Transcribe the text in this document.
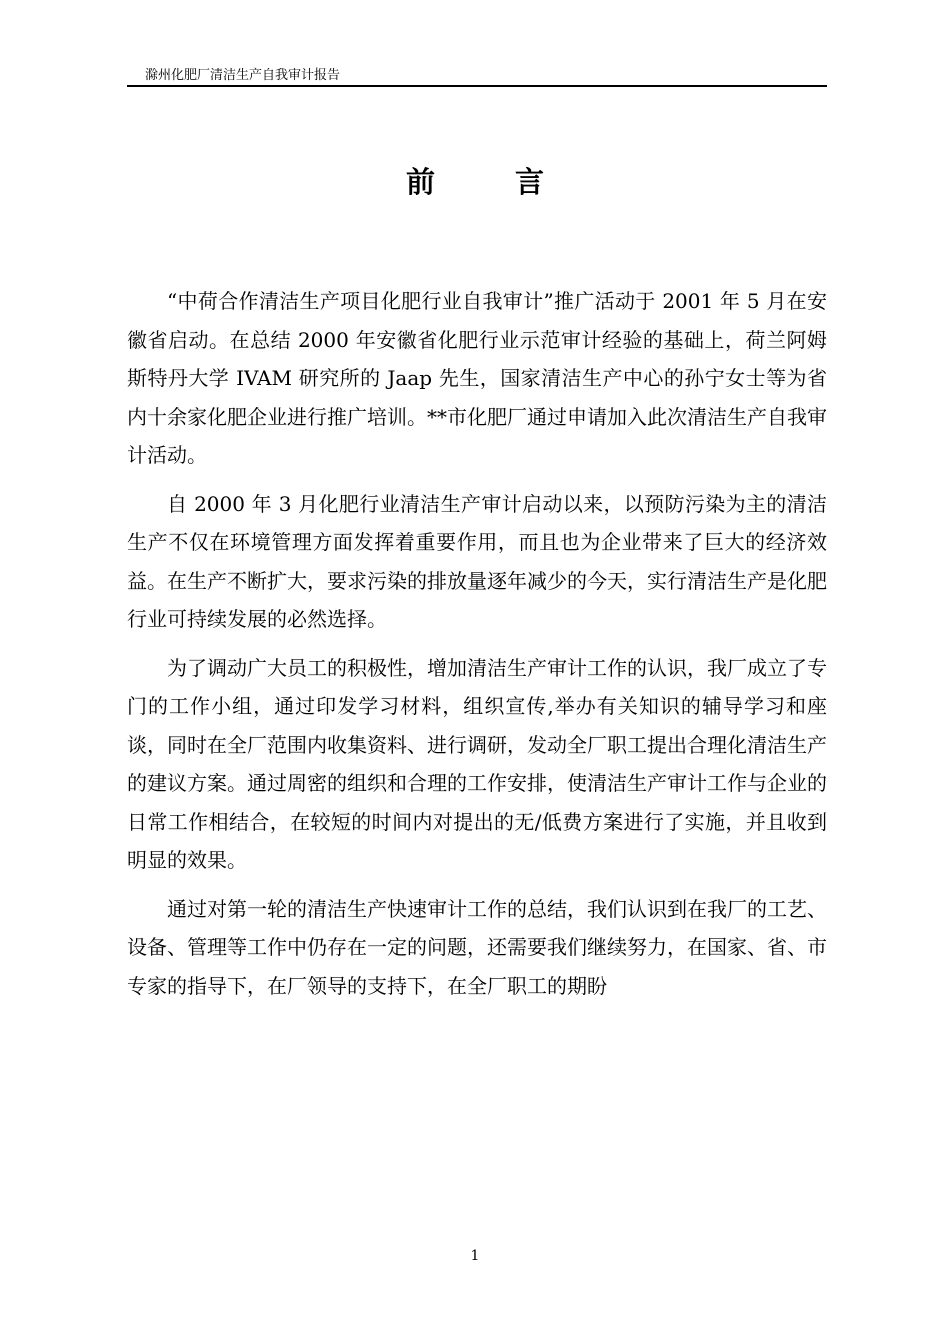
滁州化肥厂清洁生产自我审计报告
前	言

“中荷合作清洁生产项目化肥行业自我审计”推广活动于 2001 年 5 月在安徽省启动。在总结 2000 年安徽省化肥行业示范审计经验的基础上，荷兰阿姆斯特丹大学 IVAM 研究所的 Jaap 先生，国家清洁生产中心的孙宁女士等为省内十余家化肥企业进行推广培训。**市化肥厂通过申请加入此次清洁生产自我审计活动。

自 2000 年 3 月化肥行业清洁生产审计启动以来，以预防污染为主的清洁生产不仅在环境管理方面发挥着重要作用，而且也为企业带来了巨大的经济效益。在生产不断扩大，要求污染的排放量逐年减少的今天，实行清洁生产是化肥行业可持续发展的必然选择。

为了调动广大员工的积极性，增加清洁生产审计工作的认识，我厂成立了专门的工作小组，通过印发学习材料，组织宣传,举办有关知识的辅导学习和座谈，同时在全厂范围内收集资料、进行调研，发动全厂职工提出合理化清洁生产的建议方案。通过周密的组织和合理的工作安排，使清洁生产审计工作与企业的日常工作相结合，在较短的时间内对提出的无/低费方案进行了实施，并且收到明显的效果。

通过对第一轮的清洁生产快速审计工作的总结，我们认识到在我厂的工艺、设备、管理等工作中仍存在一定的问题，还需要我们继续努力，在国家、省、市专家的指导下，在厂领导的支持下，在全厂职工的期盼

1
